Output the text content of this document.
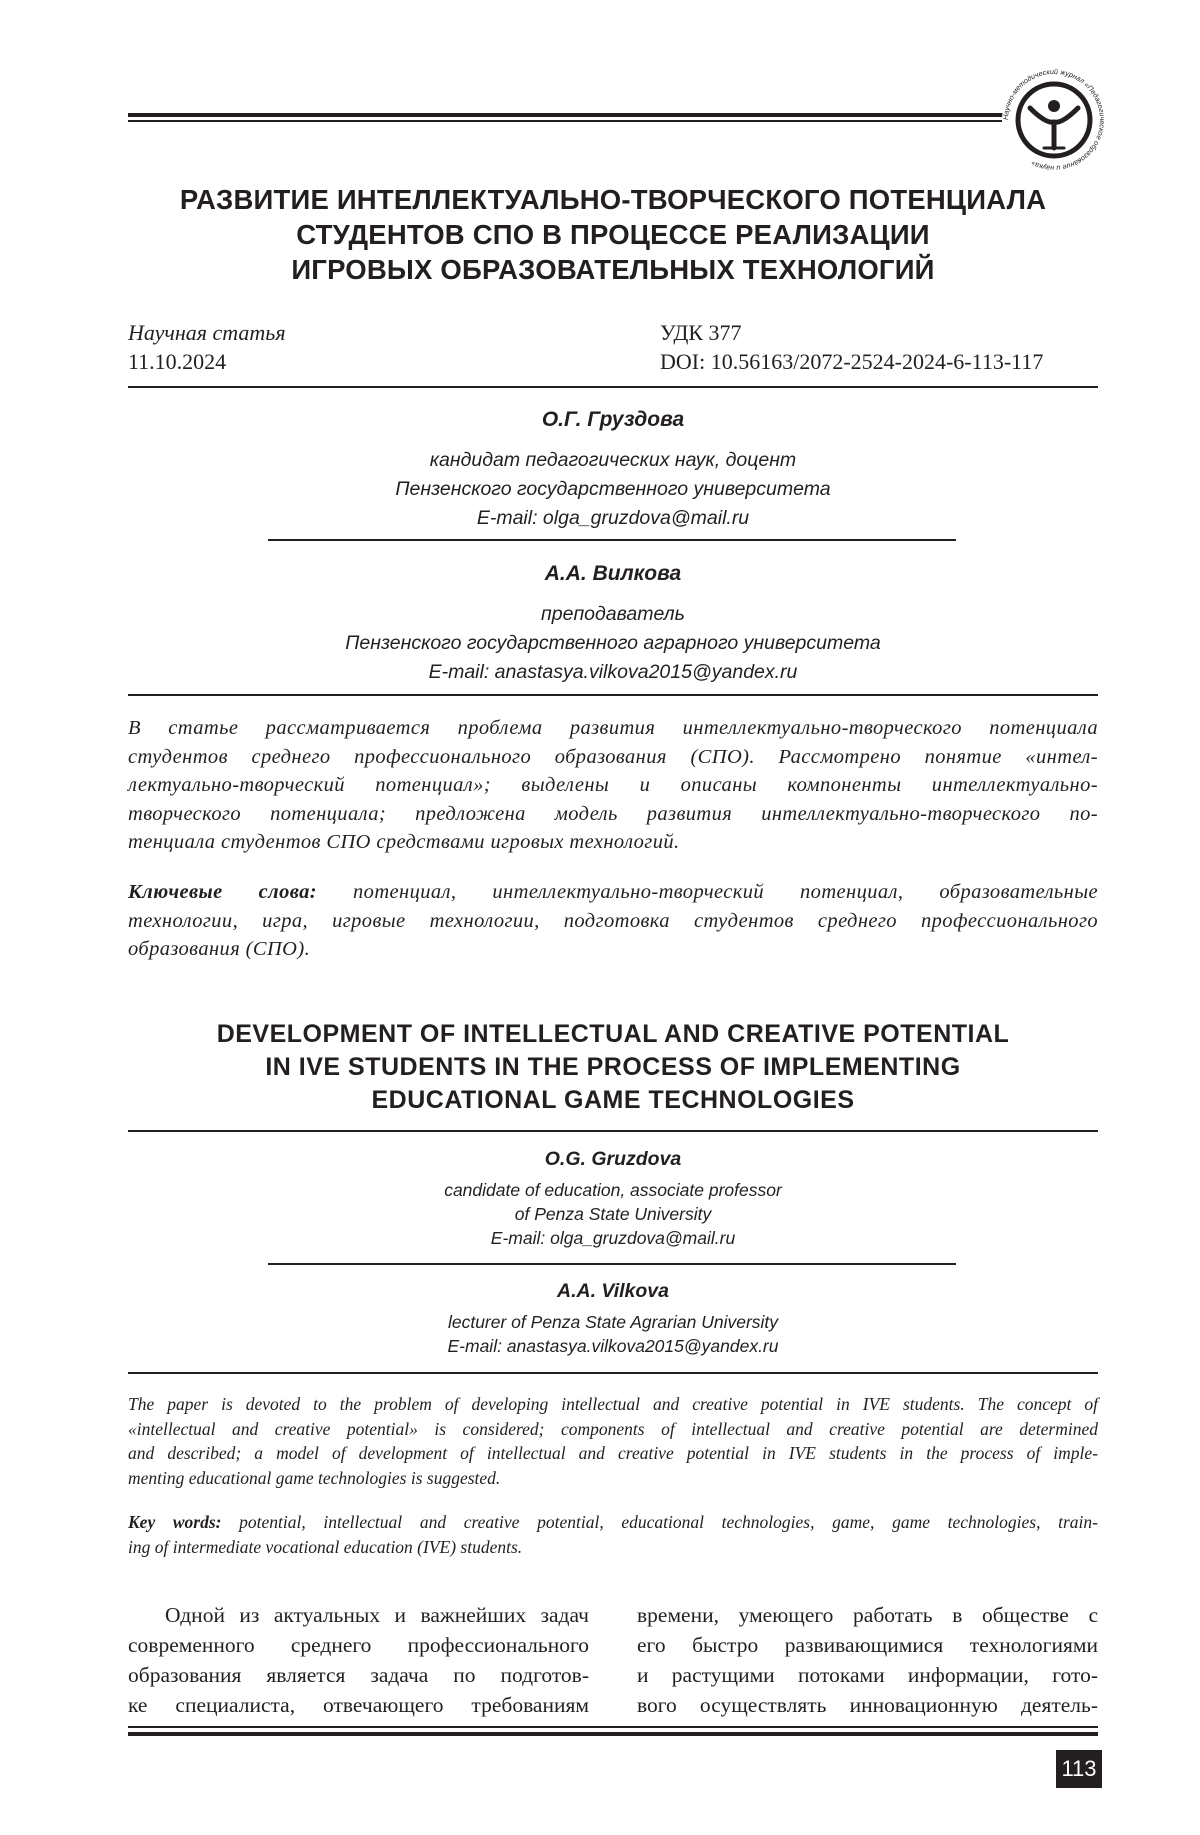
Научно-методический журнал «Педагогическое образование и наука»
РАЗВИТИЕ ИНТЕЛЛЕКТУАЛЬНО-ТВОРЧЕСКОГО ПОТЕНЦИАЛА
СТУДЕНТОВ СПО В ПРОЦЕССЕ РЕАЛИЗАЦИИ
ИГРОВЫХ ОБРАЗОВАТЕЛЬНЫХ ТЕХНОЛОГИЙ
Научная статья
11.10.2024
УДК 377
DOI: 10.56163/2072-2524-2024-6-113-117
О.Г. Груздова
кандидат педагогических наук, доцент
Пензенского государственного университета
E-mail: olga_gruzdova@mail.ru
А.А. Вилкова
преподаватель
Пензенского государственного аграрного университета
E-mail: anastasya.vilkova2015@yandex.ru
В статье рассматривается проблема развития интеллектуально-творческого потенциала
студентов среднего профессионального образования (СПО). Рассмотрено понятие «интел-
лектуально-творческий потенциал»; выделены и описаны компоненты интеллектуально-
творческого потенциала; предложена модель развития интеллектуально-творческого по-
тенциала студентов СПО средствами игровых технологий.
Ключевые слова: потенциал, интеллектуально-творческий потенциал, образовательные
технологии, игра, игровые технологии, подготовка студентов среднего профессионального
образования (СПО).
DEVELOPMENT OF INTELLECTUAL AND CREATIVE POTENTIAL
IN IVE STUDENTS IN THE PROCESS OF IMPLEMENTING
EDUCATIONAL GAME TECHNOLOGIES
O.G. Gruzdova
candidate of education, associate professor
of Penza State University
E-mail: olga_gruzdova@mail.ru
A.A. Vilkova
lecturer of Penza State Agrarian University
E-mail: anastasya.vilkova2015@yandex.ru
The paper is devoted to the problem of developing intellectual and creative potential in IVE students. The concept of
«intellectual and creative potential» is considered; components of intellectual and creative potential are determined
and described; a model of development of intellectual and creative potential in IVE students in the process of imple-
menting educational game technologies is suggested.
Key words: potential, intellectual and creative potential, educational technologies, game, game technologies, train-
ing of intermediate vocational education (IVE) students.
Одной из актуальных и важнейших задач
современного среднего профессионального
образования является задача по подготов-
ке специалиста, отвечающего требованиям
времени, умеющего работать в обществе с
его быстро развивающимися технологиями
и растущими потоками информации, гото-
вого осуществлять инновационную деятель-
113
